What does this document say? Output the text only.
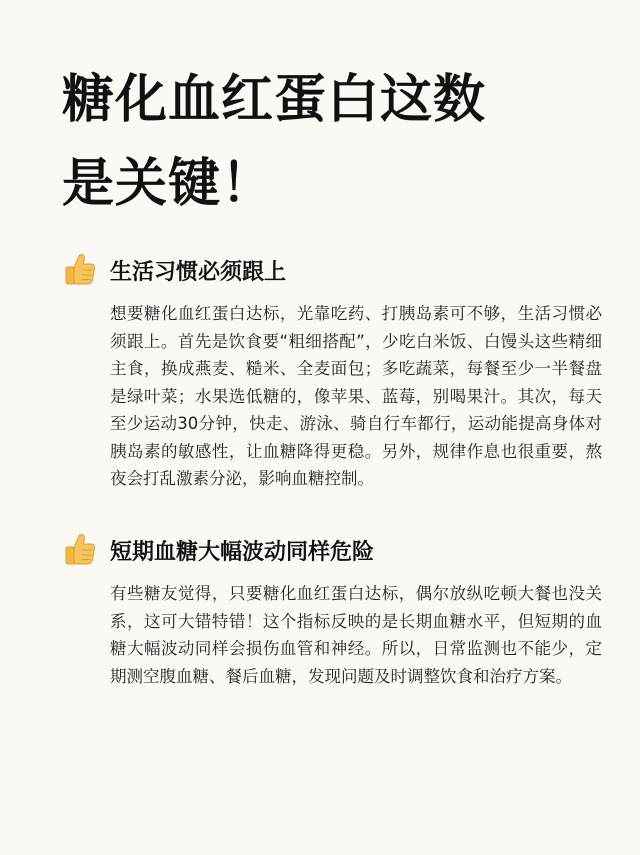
糖化血红蛋白这数
是关键！
生活习惯必须跟上

想要糖化血红蛋白达标，光靠吃药、打胰岛素可不够，生活习惯必须跟上。首先是饮食要“粗细搭配”，少吃白米饭、白馒头这些精细主食，换成燕麦、糙米、全麦面包；多吃蔬菜，每餐至少一半餐盘是绿叶菜；水果选低糖的，像苹果、蓝莓，别喝果汁。其次，每天至少运动30分钟，快走、游泳、骑自行车都行，运动能提高身体对胰岛素的敏感性，让血糖降得更稳。另外，规律作息也很重要，熬夜会打乱激素分泌，影响血糖控制。

短期血糖大幅波动同样危险

有些糖友觉得，只要糖化血红蛋白达标，偶尔放纵吃顿大餐也没关系，这可大错特错！这个指标反映的是长期血糖水平，但短期的血糖大幅波动同样会损伤血管和神经。所以，日常监测也不能少，定期测空腹血糖、餐后血糖，发现问题及时调整饮食和治疗方案。
